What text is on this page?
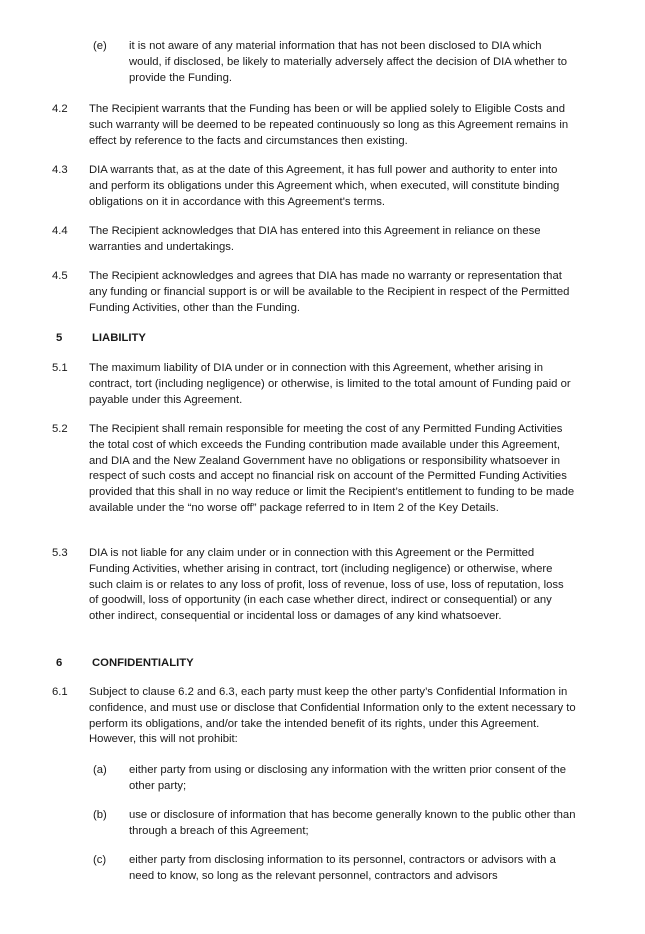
(e) it is not aware of any material information that has not been disclosed to DIA which would, if disclosed, be likely to materially adversely affect the decision of DIA whether to provide the Funding.
4.2 The Recipient warrants that the Funding has been or will be applied solely to Eligible Costs and such warranty will be deemed to be repeated continuously so long as this Agreement remains in effect by reference to the facts and circumstances then existing.
4.3 DIA warrants that, as at the date of this Agreement, it has full power and authority to enter into and perform its obligations under this Agreement which, when executed, will constitute binding obligations on it in accordance with this Agreement's terms.
4.4 The Recipient acknowledges that DIA has entered into this Agreement in reliance on these warranties and undertakings.
4.5 The Recipient acknowledges and agrees that DIA has made no warranty or representation that any funding or financial support is or will be available to the Recipient in respect of the Permitted Funding Activities, other than the Funding.
5	LIABILITY
5.1 The maximum liability of DIA under or in connection with this Agreement, whether arising in contract, tort (including negligence) or otherwise, is limited to the total amount of Funding paid or payable under this Agreement.
5.2 The Recipient shall remain responsible for meeting the cost of any Permitted Funding Activities the total cost of which exceeds the Funding contribution made available under this Agreement, and DIA and the New Zealand Government have no obligations or responsibility whatsoever in respect of such costs and accept no financial risk on account of the Permitted Funding Activities provided that this shall in no way reduce or limit the Recipient’s entitlement to funding to be made available under the “no worse off” package referred to in Item 2 of the Key Details.
5.3 DIA is not liable for any claim under or in connection with this Agreement or the Permitted Funding Activities, whether arising in contract, tort (including negligence) or otherwise, where such claim is or relates to any loss of profit, loss of revenue, loss of use, loss of reputation, loss of goodwill, loss of opportunity (in each case whether direct, indirect or consequential) or any other indirect, consequential or incidental loss or damages of any kind whatsoever.
6	CONFIDENTIALITY
6.1 Subject to clause 6.2 and 6.3, each party must keep the other party’s Confidential Information in confidence, and must use or disclose that Confidential Information only to the extent necessary to perform its obligations, and/or take the intended benefit of its rights, under this Agreement. However, this will not prohibit:
(a) either party from using or disclosing any information with the written prior consent of the other party;
(b) use or disclosure of information that has become generally known to the public other than through a breach of this Agreement;
(c) either party from disclosing information to its personnel, contractors or advisors with a need to know, so long as the relevant personnel, contractors and advisors
